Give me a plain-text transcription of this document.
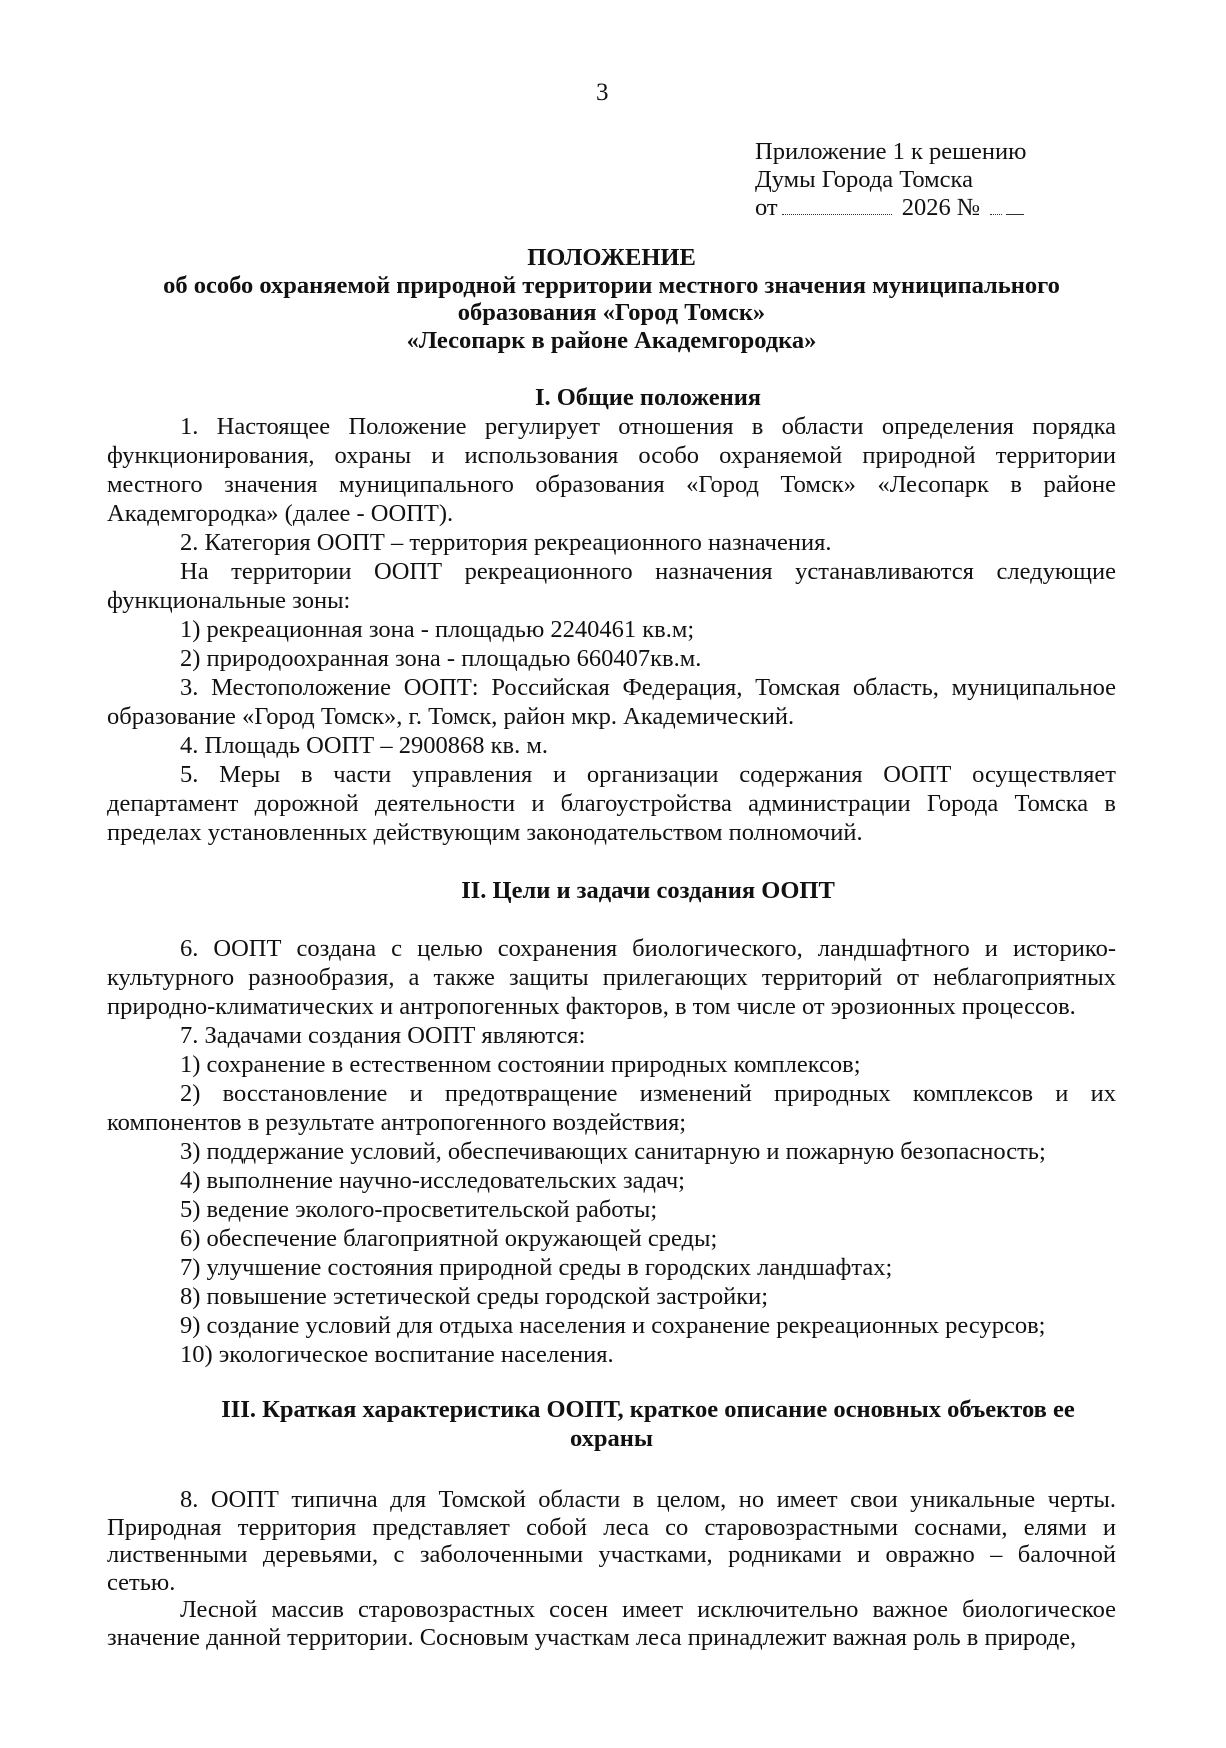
3
Приложение 1 к решению
Думы Города Томска
от	2026 №
ПОЛОЖЕНИЕ
об особо охраняемой природной территории местного значения муниципального
образования «Город Томск»
«Лесопарк в районе Академгородка»
I. Общие положения
1. Настоящее Положение регулирует отношения в области определения порядка
функционирования, охраны и использования особо охраняемой природной территории
местного значения муниципального образования «Город Томск» «Лесопарк в районе
Академгородка» (далее - ООПТ).
2. Категория ООПТ – территория рекреационного назначения.
На территории ООПТ рекреационного назначения устанавливаются следующие
функциональные зоны:
1) рекреационная зона - площадью 2240461 кв.м;
2) природоохранная зона - площадью 660407кв.м.
3. Местоположение ООПТ: Российская Федерация, Томская область, муниципальное
образование «Город Томск», г. Томск, район мкр. Академический.
4. Площадь ООПТ – 2900868 кв. м.
5. Меры в части управления и организации содержания ООПТ осуществляет
департамент дорожной деятельности и благоустройства администрации Города Томска в
пределах установленных действующим законодательством полномочий.
II. Цели и задачи создания ООПТ
6. ООПТ создана с целью сохранения биологического, ландшафтного и историко-
культурного разнообразия, а также защиты прилегающих территорий от неблагоприятных
природно-климатических и антропогенных факторов, в том числе от эрозионных процессов.
7. Задачами создания ООПТ являются:
1) сохранение в естественном состоянии природных комплексов;
2) восстановление и предотвращение изменений природных комплексов и их
компонентов в результате антропогенного воздействия;
3) поддержание условий, обеспечивающих санитарную и пожарную безопасность;
4) выполнение научно-исследовательских задач;
5) ведение эколого-просветительской работы;
6) обеспечение благоприятной окружающей среды;
7) улучшение состояния природной среды в городских ландшафтах;
8) повышение эстетической среды городской застройки;
9) создание условий для отдыха населения и сохранение рекреационных ресурсов;
10) экологическое воспитание населения.
III. Краткая характеристика ООПТ, краткое описание основных объектов ее
охраны
8. ООПТ типична для Томской области в целом, но имеет свои уникальные черты.
Природная территория представляет собой леса со старовозрастными соснами, елями и
лиственными деревьями, с заболоченными участками, родниками и овражно – балочной
сетью.
Лесной массив старовозрастных сосен имеет исключительно важное биологическое
значение данной территории. Сосновым участкам леса принадлежит важная роль в природе,
